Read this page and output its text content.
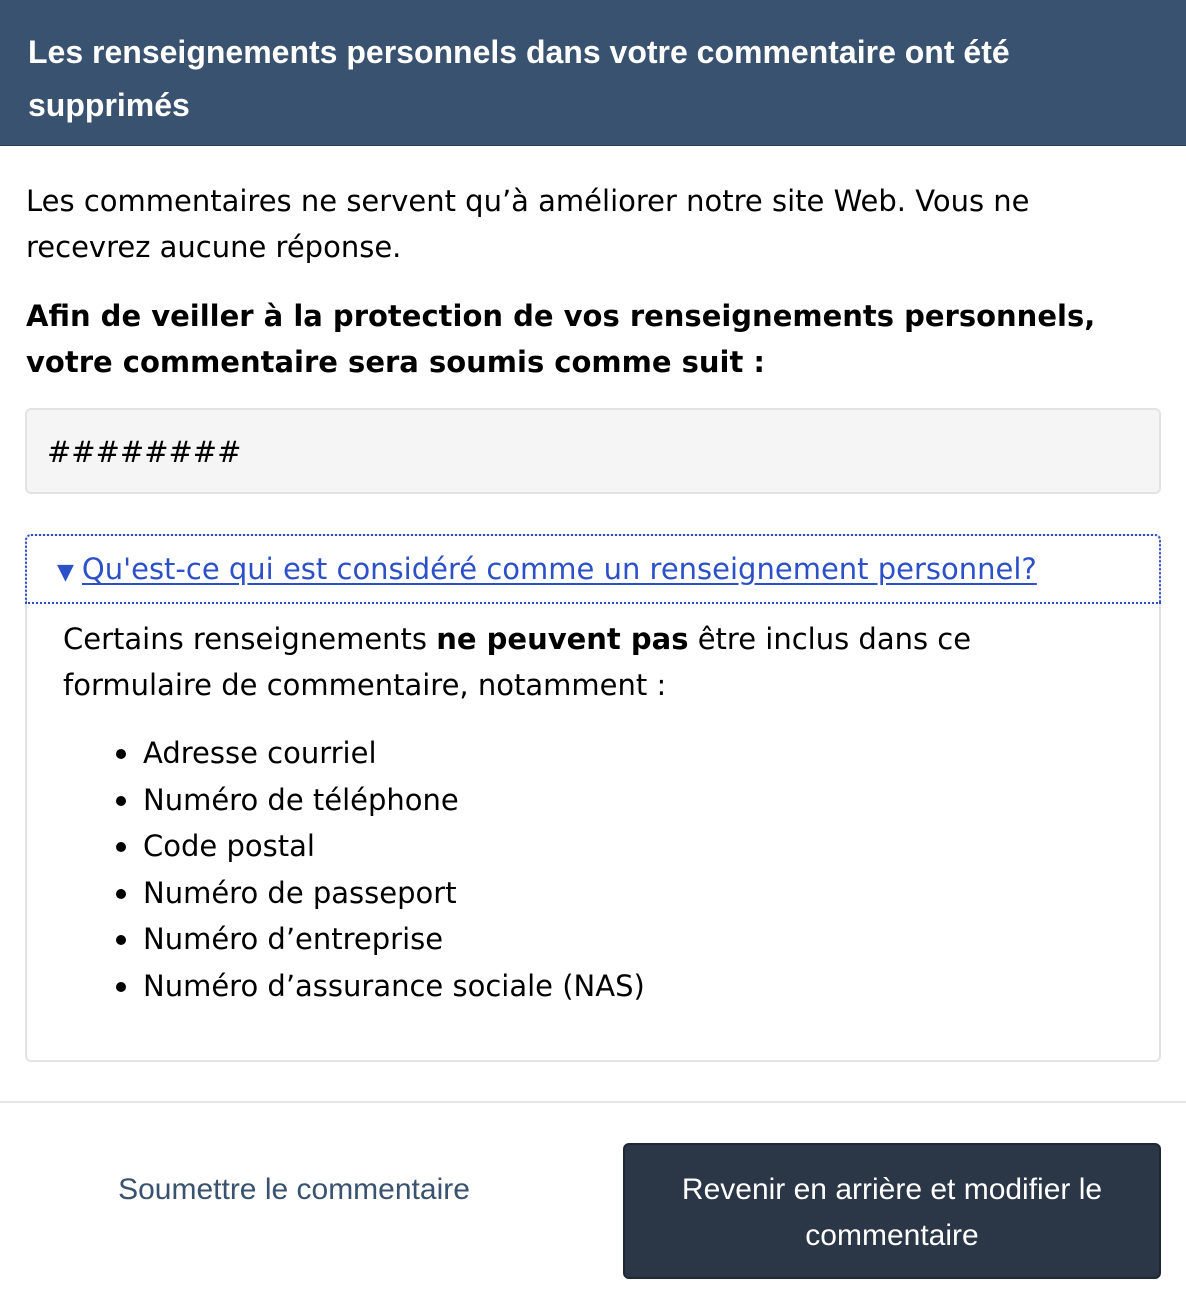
Les renseignements personnels dans votre commentaire ont été supprimés

Les commentaires ne servent qu’à améliorer notre site Web. Vous ne recevrez aucune réponse.

Afin de veiller à la protection de vos renseignements personnels, votre commentaire sera soumis comme suit :

########
▼ Qu'est-ce qui est considéré comme un renseignement personnel?

Certains renseignements ne peuvent pas être inclus dans ce formulaire de commentaire, notamment :

Adresse courriel
Numéro de téléphone
Code postal
Numéro de passeport
Numéro d’entreprise
Numéro d’assurance sociale (NAS)
Soumettre le commentaire	Revenir en arrière et modifier le commentaire
